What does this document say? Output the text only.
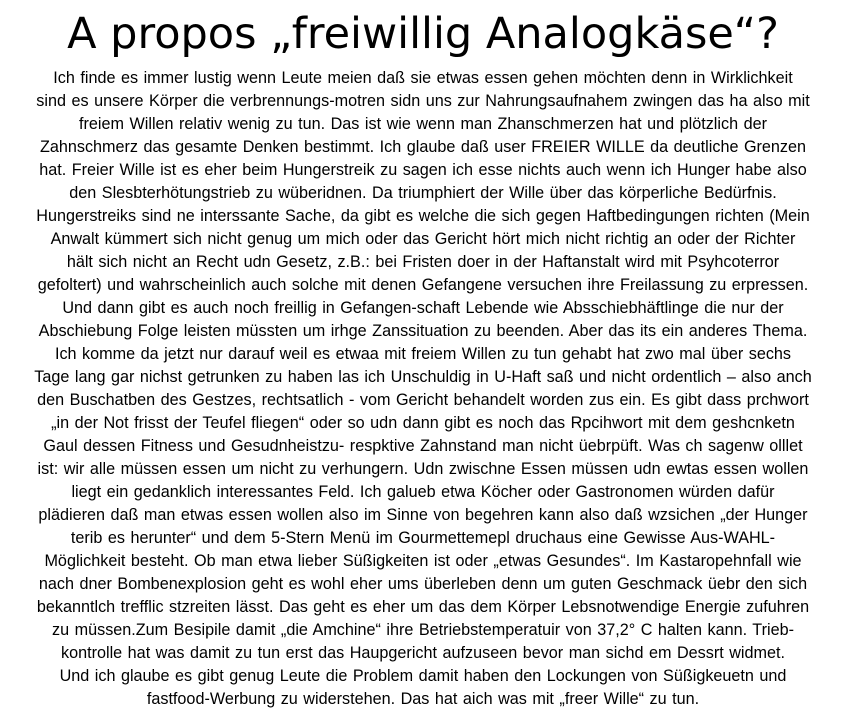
A propos „freiwillig Analogkäse“?
Ich finde es immer lustig wenn Leute meien daß sie etwas essen gehen möchten denn in Wirklichkeit
sind es unsere Körper die verbrennungs-motren sidn uns zur Nahrungsaufnahem zwingen das ha also mit
freiem Willen relativ wenig zu tun. Das ist wie wenn man Zhanschmerzen hat und plötzlich der
Zahnschmerz das gesamte Denken bestimmt. Ich glaube daß user FREIER WILLE da deutliche Grenzen
hat. Freier Wille ist es eher beim Hungerstreik zu sagen ich esse nichts auch wenn ich Hunger habe also
den Slesbterhötungstrieb zu wüberidnen. Da triumphiert der Wille über das körperliche Bedürfnis.
Hungerstreiks sind ne interssante Sache, da gibt es welche die sich gegen Haftbedingungen richten (Mein
Anwalt kümmert sich nicht genug um mich oder das Gericht hört mich nicht richtig an oder der Richter
hält sich nicht an Recht udn Gesetz, z.B.: bei Fristen doer in der Haftanstalt wird mit Psyhcoterror
gefoltert) und wahrscheinlich auch solche mit denen Gefangene versuchen ihre Freilassung zu erpressen.
Und dann gibt es auch noch freillig in Gefangen-schaft Lebende wie Absschiebhäftlinge die nur der
Abschiebung Folge leisten müssten um irhge Zanssituation zu beenden. Aber das its ein anderes Thema.
Ich komme da jetzt nur darauf weil es etwaa mit freiem Willen zu tun gehabt hat zwo mal über sechs
Tage lang gar nichst getrunken zu haben las ich Unschuldig in U-Haft saß und nicht ordentlich – also anch
den Buschatben des Gestzes, rechtsatlich - vom Gericht behandelt worden zus ein. Es gibt dass prchwort
„in der Not frisst der Teufel fliegen“ oder so udn dann gibt es noch das Rpcihwort mit dem geshcnketn
Gaul dessen Fitness und Gesudnheistzu- respktive Zahnstand man nicht üebrpüft. Was ch sagenw olllet
ist: wir alle müssen essen um nicht zu verhungern. Udn zwischne Essen müssen udn ewtas essen wollen
liegt ein gedanklich interessantes Feld. Ich galueb etwa Köcher oder Gastronomen würden dafür
plädieren daß man etwas essen wollen also im Sinne von begehren kann also daß wzsichen „der Hunger
terib es herunter“ und dem 5-Stern Menü im Gourmettemepl druchaus eine Gewisse Aus-WAHL-
Möglichkeit besteht. Ob man etwa lieber Süßigkeiten ist oder „etwas Gesundes“. Im Kastaropehnfall wie
nach dner Bombenexplosion geht es wohl eher ums überleben denn um guten Geschmack üebr den sich
bekanntlch trefflic stzreiten lässt. Das geht es eher um das dem Körper Lebsnotwendige Energie zufuhren
zu müssen.Zum Besipile damit „die Amchine“ ihre Betriebstemperatuir von 37,2° C halten kann. Trieb-
kontrolle hat was damit zu tun erst das Haupgericht aufzuseen bevor man sichd em Dessrt widmet.
Und ich glaube es gibt genug Leute die Problem damit haben den Lockungen von Süßigkeuetn und
fastfood-Werbung zu widerstehen. Das hat aich was mit „freer Wille“ zu tun.
